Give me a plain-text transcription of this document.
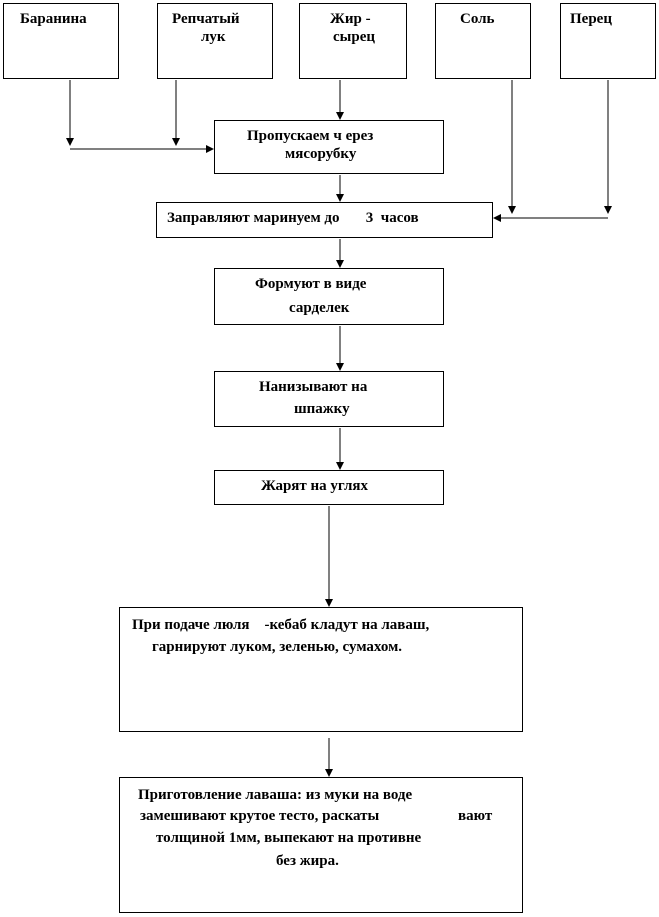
Баранина	Репчатый
лук
Жир -
сырец
Соль	Перец
Пропускаем ч ерез
мясорубку
Заправляют маринуем до       3  часов
Формуют в виде
сарделек
Нанизывают на
шпажку
Жарят на углях
При подаче люля    -кебаб кладут на лаваш,
гарнируют луком, зеленью, сумахом.
Приготовление лаваша: из муки на воде
замешивают крутое тесто, раскаты	вают
толщиной 1мм, выпекают на противне
без жира.
